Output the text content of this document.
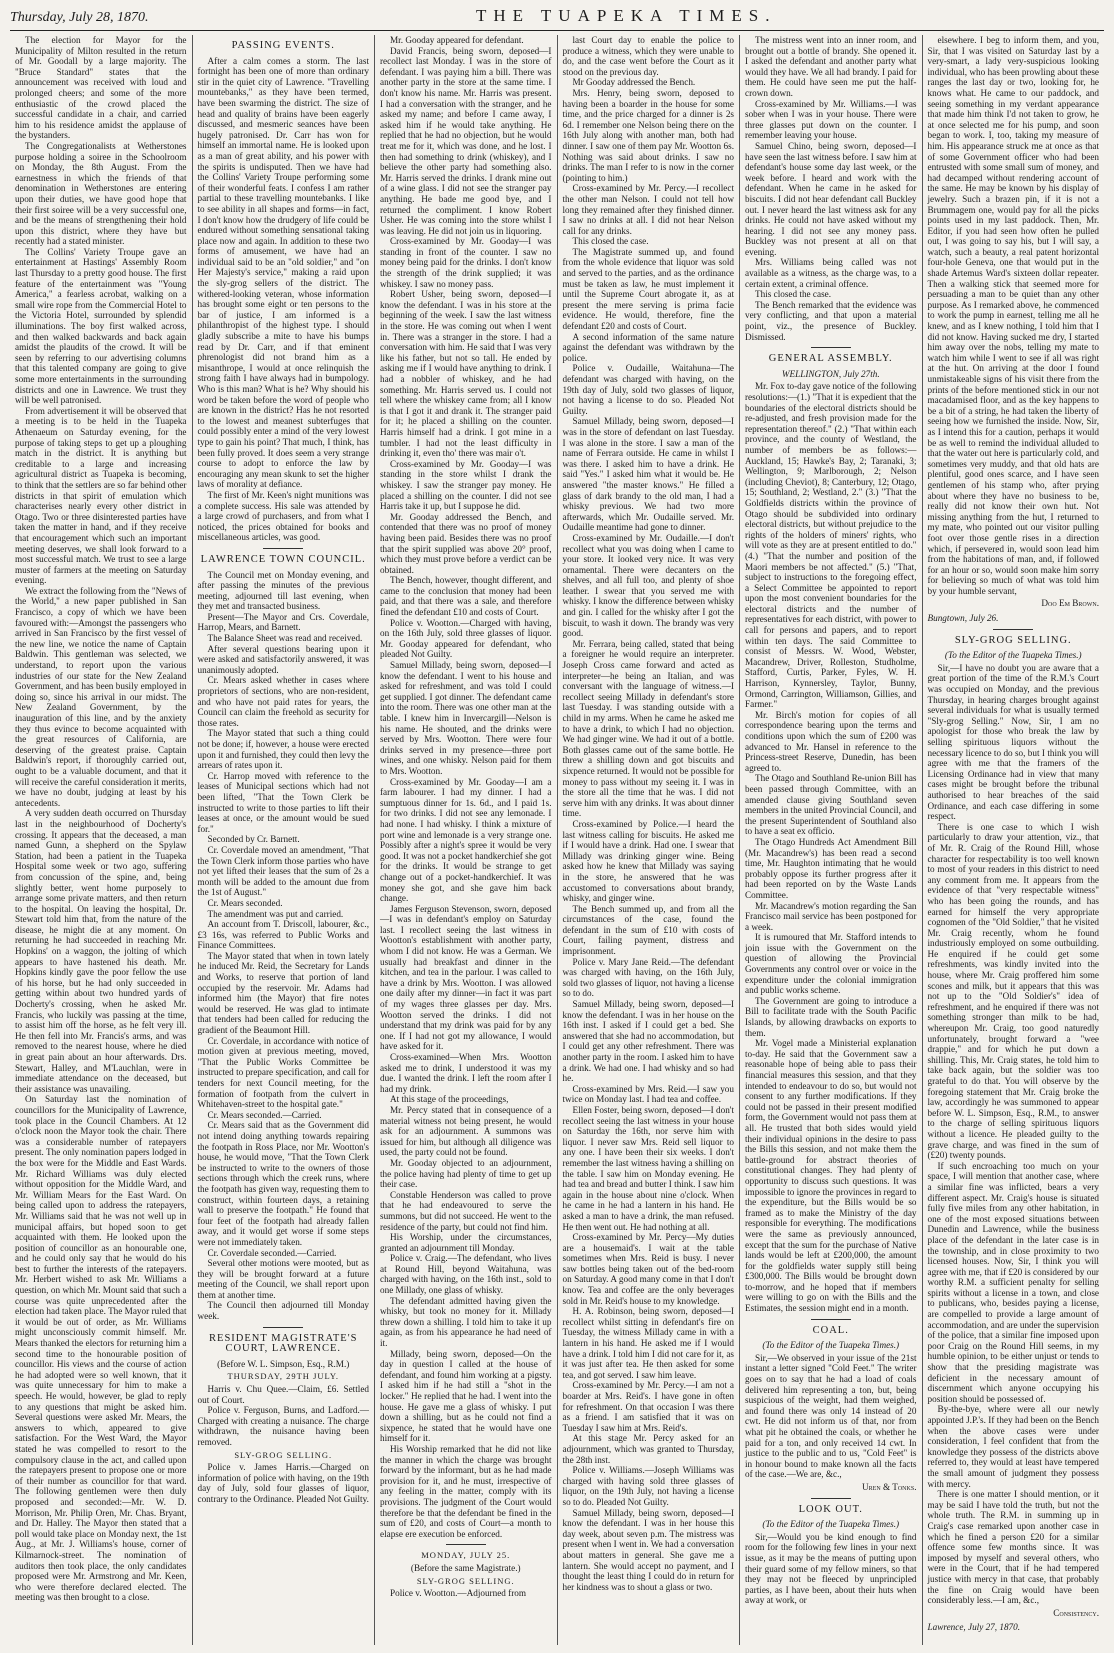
Thursday, July 28, 1870.	THE TUAPEKA TIMES.

The election for Mayor for the Municipality of Milton resulted in the return of Mr. Goodall by a large majority. The "Bruce Standard" states that the announcement was received with loud and prolonged cheers; and some of the more enthusiastic of the crowd placed the successful candidate in a chair, and carried him to his residence amidst the applause of the bystanders.

The Congregationalists at Wetherstones purpose holding a soiree in the Schoolroom on Monday, the 8th August. From the earnestness in which the friends of that denomination in Wetherstones are entering upon their duties, we have good hope that their first soiree will be a very successful one, and be the means of strengthening their hold upon this district, where they have but recently had a stated minister.

The Collins' Variety Troupe gave an entertainment at Hastings' Assembly Room last Thursday to a pretty good house. The first feature of the entertainment was "Young America," a fearless acrobat, walking on a small wire rope from the Commercial Hotel to the Victoria Hotel, surrounded by splendid illuminations. The boy first walked across, and then walked backwards and back again amidst the plaudits of the crowd. It will be seen by referring to our advertising columns that this talented company are going to give some more entertainments in the surrounding districts and one in Lawrence. We trust they will be well patronised.

From advertisement it will be observed that a meeting is to be held in the Tuapeka Athenaeum on Saturday evening, for the purpose of taking steps to get up a ploughing match in the district. It is anything but creditable to a large and increasing agricultural district as Tuapeka is becoming, to think that the settlers are so far behind other districts in that spirit of emulation which characterises nearly every other district in Otago. Two or three disinterested parties have taken the matter in hand, and if they receive that encouragement which such an important meeting deserves, we shall look forward to a most successful match. We trust to see a large muster of farmers at the meeting on Saturday evening.

We extract the following from the "News of the World," a new paper published in San Francisco, a copy of which we have been favoured with:—Amongst the passengers who arrived in San Francisco by the first vessel of the new line, we notice the name of Captain Baldwin. This gentleman was selected, we understand, to report upon the various industries of our state for the New Zealand Government, and has been busily employed in doing so, since his arrival in our midst. The New Zealand Government, by the inauguration of this line, and by the anxiety they thus evince to become acquainted with the great resources of California, are deserving of the greatest praise. Captain Baldwin's report, if thoroughly carried out, ought to be a valuable document, and that it will receive the careful consideration it merits, we have no doubt, judging at least by his antecedents.

A very sudden death occurred on Thursday last in the neighbourhood of Docherty's crossing. It appears that the deceased, a man named Gunn, a shepherd on the Spylaw Station, had been a patient in the Tuapeka Hospital some week or two ago, suffering from concussion of the spine, and, being slightly better, went home purposely to arrange some private matters, and then return to the hospital. On leaving the hospital, Dr. Stewart told him that, from the nature of the disease, he might die at any moment. On returning he had succeeded in reaching Mr. Hopkins' on a waggon, the jolting of which appears to have hastened his death. Mr. Hopkins kindly gave the poor fellow the use of his horse, but he had only succeeded in getting within about two hundred yards of Docherty's crossing, when he asked Mr. Francis, who luckily was passing at the time, to assist him off the horse, as he felt very ill. He then fell into Mr. Francis's arms, and was removed to the nearest house, where he died in great pain about an hour afterwards. Drs. Stewart, Halley, and M'Lauchlan, were in immediate attendance on the deceased, but their assistance was unavailing.

On Saturday last the nomination of councillors for the Municipality of Lawrence, took place in the Council Chambers. At 12 o'clock noon the Mayor took the chair. There was a considerable number of ratepayers present. The only nomination papers lodged in the box were for the Middle and East Wards. Mr. Richard Williams was duly elected without opposition for the Middle Ward, and Mr. William Mears for the East Ward. On being called upon to address the ratepayers, Mr. Williams said that he was not well up in municipal affairs, but hoped soon to get acquainted with them. He looked upon the position of councillor as an honourable one, and he could only say that he would do his best to further the interests of the ratepayers. Mr. Herbert wished to ask Mr. Williams a question, on which Mr. Mount said that such a course was quite unprecedented after the election had taken place. The Mayor ruled that it would be out of order, as Mr. Williams might unconsciously commit himself. Mr. Mears thanked the electors for returning him a second time to the honourable position of councillor. His views and the course of action he had adopted were so well known, that it was quite unnecessary for him to make a speech. He would, however, be glad to reply to any questions that might be asked him. Several questions were asked Mr. Mears, the answers to which, appeared to give satisfaction. For the West Ward, the Mayor stated he was compelled to resort to the compulsory clause in the act, and called upon the ratepayers present to propose one or more of their number as councillor for that ward. The following gentlemen were then duly proposed and seconded:—Mr. W. D. Morrison, Mr. Philip Oren, Mr. Chas. Bryant, and Dr. Halley. The Mayor then stated that a poll would take place on Monday next, the 1st Aug., at Mr. J. Williams's house, corner of Kilmarnock-street. The nomination of auditors then took place, the only candidates proposed were Mr. Armstrong and Mr. Keen, who were therefore declared elected. The meeting was then brought to a close.

PASSING EVENTS.

After a calm comes a storm. The last fortnight has been one of more than ordinary stir in the quiet city of Lawrence. "Travelling mountebanks," as they have been termed, have been swarming the district. The size of head and quality of brains have been eagerly discussed, and mesmeric seances have been hugely patronised. Dr. Carr has won for himself an immortal name. He is looked upon as a man of great ability, and his power with the spirits is undisputed. Then we have had the Collins' Variety Troupe performing some of their wonderful feats. I confess I am rather partial to these travelling mountebanks. I like to see ability in all shapes and forms—in fact, I don't know how the drudgery of life could be endured without something sensational taking place now and again. In addition to these two forms of amusement, we have had an individual said to be an "old soldier," and "on Her Majesty's service," making a raid upon the sly-grog sellers of the district. The withered-looking veteran, whose information has brought some eight or ten persons to the bar of justice, I am informed is a philanthropist of the highest type. I should gladly subscribe a mite to have his bumps read by Dr. Carr, and if that eminent phrenologist did not brand him as a misanthrope, I would at once relinquish the strong faith I have always had in bumpology. Who is this man? What is he? Why should his word be taken before the word of people who are known in the district? Has he not resorted to the lowest and meanest subterfuges that could possibly enter a mind of the very lowest type to gain his point? That much, I think, has been fully proved. It does seem a very strange course to adopt to enforce the law by encouraging any mean skunk to set the higher laws of morality at defiance.

The first of Mr. Keen's night munitions was a complete success. His sale was attended by a large crowd of purchasers, and from what I noticed, the prices obtained for books and miscellaneous articles, was good.

LAWRENCE TOWN COUNCIL.

The Council met on Monday evening, and after passing the minutes of the previous meeting, adjourned till last evening, when they met and transacted business.

Present—The Mayor and Crs. Coverdale, Harrop, Mears, and Barnett.

The Balance Sheet was read and received.

After several questions bearing upon it were asked and satisfactorily answered, it was unanimously adopted.

Cr. Mears asked whether in cases where proprietors of sections, who are non-resident, and who have not paid rates for years, the Council can claim the freehold as security for those rates.

The Mayor stated that such a thing could not be done; if, however, a house were erected upon it and furnished, they could then levy the arrears of rates upon it.

Cr. Harrop moved with reference to the leases of Municipal sections which had not been lifted, "That the Town Clerk be instructed to write to those parties to lift their leases at once, or the amount would be sued for."

Seconded by Cr. Barnett.

Cr. Coverdale moved an amendment, "That the Town Clerk inform those parties who have not yet lifted their leases that the sum of 2s a month will be added to the amount due from the 1st of August."

Cr. Mears seconded.

The amendment was put and carried.

An account from T. Driscoll, labourer, &c., £3 16s, was referred to Public Works and Finance Committees.

The Mayor stated that when in town lately he induced Mr. Reid, the Secretary for Lands and Works, to reserve that portion of land occupied by the reservoir. Mr. Adams had informed him (the Mayor) that fire notes would be reserved. He was glad to intimate that tenders had been called for reducing the gradient of the Beaumont Hill.

Cr. Coverdale, in accordance with notice of motion given at previous meeting, moved, "That the Public Works Committee be instructed to prepare specification, and call for tenders for next Council meeting, for the formation of footpath from the culvert in Whitehaven-street to the hospital gate."

Cr. Mears seconded.—Carried.

Cr. Mears said that as the Government did not intend doing anything towards repairing the footpath in Ross Place, nor Mr. Wootton's house, he would move, "That the Town Clerk be instructed to write to the owners of those sections through which the creek runs, where the footpath has given way, requesting them to construct, within fourteen days, a retaining wall to preserve the footpath." He found that four feet of the footpath had already fallen away, and it would get worse if some steps were not immediately taken.

Cr. Coverdale seconded.—Carried.

Several other motions were mooted, but as they will be brought forward at a future meeting of the Council, we shall report upon them at another time.

The Council then adjourned till Monday week.

RESIDENT MAGISTRATE'S COURT, LAWRENCE.
(Before W. L. Simpson, Esq., R.M.)
THURSDAY, 29TH JULY.

Harris v. Chu Quee.—Claim, £6. Settled out of Court.

Police v. Ferguson, Burns, and Ladford.—Charged with creating a nuisance. The charge withdrawn, the nuisance having been removed.

SLY-GROG SELLING.

Police v. James Harris.—Charged on information of police with having, on the 19th day of July, sold four glasses of liquor, contrary to the Ordinance. Pleaded Not Guilty.

Mr. Gooday appeared for defendant.

David Francis, being sworn, deposed—I recollect last Monday. I was in the store of defendant. I was paying him a bill. There was another party in the store at the same time. I don't know his name. Mr. Harris was present. I had a conversation with the stranger, and he asked my name; and before I came away, I asked him if he would take anything. He replied that he had no objection, but he would treat me for it, which was done, and he lost. I then had something to drink (whiskey), and I believe the other party had something also. Mr. Harris served the drinks. I drank mine out of a wine glass. I did not see the stranger pay anything. He bade me good bye, and I returned the compliment. I know Robert Usher. He was coming into the store whilst I was leaving. He did not join us in liquoring.

Cross-examined by Mr. Gooday—I was standing in front of the counter. I saw no money being paid for the drinks. I don't know the strength of the drink supplied; it was whiskey. I saw no money pass.

Robert Usher, being sworn, deposed—I know the defendant. I was in his store at the beginning of the week. I saw the last witness in the store. He was coming out when I went in. There was a stranger in the store. I had a conversation with him. He said that I was very like his father, but not so tall. He ended by asking me if I would have anything to drink. I had a nobbler of whiskey, and he had something. Mr. Harris served us. I could not tell where the whiskey came from; all I know is that I got it and drank it. The stranger paid for it; he placed a shilling on the counter. Harris himself had a drink. I got mine in a tumbler. I had not the least difficulty in drinking it, even tho' there was mair o't.

Cross-examined by Mr. Gooday—I was standing in the store whilst I drank the whiskey. I saw the stranger pay money. He placed a shilling on the counter. I did not see Harris take it up, but I suppose he did.

Mr. Gooday addressed the Bench, and contended that there was no proof of money having been paid. Besides there was no proof that the spirit supplied was above 20° proof, which they must prove before a verdict can be obtained.

The Bench, however, thought different, and came to the conclusion that money had been paid, and that there was a sale, and therefore fined the defendant £10 and costs of Court.

Police v. Wootton.—Charged with having, on the 16th July, sold three glasses of liquor. Mr. Gooday appeared for defendant, who pleaded Not Guilty.

Samuel Millady, being sworn, deposed—I know the defendant. I went to his house and asked for refreshment, and was told I could get supplied. I got dinner. The defendant came into the room. There was one other man at the table. I knew him in Invercargill—Nelson is his name. He shouted, and the drinks were served by Mrs. Wootton. There were four drinks served in my presence—three port wines, and one whisky. Nelson paid for them to Mrs. Wootton.

Cross-examined by Mr. Gooday—I am a farm labourer. I had my dinner. I had a sumptuous dinner for 1s. 6d., and I paid 1s. for two drinks. I did not see any lemonade. I had none. I had whisky. I think a mixture of port wine and lemonade is a very strange one. Possibly after a night's spree it would be very good. It was not a pocket handkerchief she got for the drinks. It would be strange to get change out of a pocket-handkerchief. It was money she got, and she gave him back change.

James Ferguson Stevenson, sworn, deposed—I was in defendant's employ on Saturday last. I recollect seeing the last witness in Wootton's establishment with another party, whom I did not know. He was a German. We usually had breakfast and dinner in the kitchen, and tea in the parlour. I was called to have a drink by Mrs. Wootton. I was allowed one daily after my dinner—in fact it was part of my wages three glasses per day. Mrs. Wootton served the drinks. I did not understand that my drink was paid for by any one. If I had not got my allowance, I would have asked for it.

Cross-examined—When Mrs. Wootton asked me to drink, I understood it was my due. I wanted the drink. I left the room after I had my drink.

At this stage of the proceedings,

Mr. Percy stated that in consequence of a material witness not being present, he would ask for an adjournment. A summons was issued for him, but although all diligence was used, the party could not be found.

Mr. Gooday objected to an adjournment, the police having had plenty of time to get up their case.

Constable Henderson was called to prove that he had endeavoured to serve the summons, but did not succeed. He went to the residence of the party, but could not find him.

His Worship, under the circumstances, granted an adjournment till Monday.

Police v. Craig.—The defendant, who lives at Round Hill, beyond Waitahuna, was charged with having, on the 16th inst., sold to one Millady, one glass of whisky.

The defendant admitted having given the whisky, but took no money for it. Millady threw down a shilling. I told him to take it up again, as from his appearance he had need of it.

Millady, being sworn, deposed—On the day in question I called at the house of defendant, and found him working at a pigsty. I asked him if he had still a "shot in the locker." He replied that he had. I went into the house. He gave me a glass of whisky. I put down a shilling, but as he could not find a sixpence, he stated that he would have one himself for it.

His Worship remarked that he did not like the manner in which the charge was brought forward by the informant, but as he had made provision for it, and he must, irrespective of any feeling in the matter, comply with its provisions. The judgment of the Court would therefore be that the defendant be fined in the sum of £20, and costs of Court—a month to elapse ere execution be enforced.

MONDAY, JULY 25.
(Before the same Magistrate.)
SLY-GROG SELLING.

Police v. Wootton.—Adjourned from

last Court day to enable the police to produce a witness, which they were unable to do, and the case went before the Court as it stood on the previous day.

Mr Gooday addressed the Bench.

Mrs. Henry, being sworn, deposed to having been a boarder in the house for some time, and the price charged for a dinner is 2s 6d. I remember one Nelson being there on the 16th July along with another man, both had dinner. I saw one of them pay Mr. Wootton 6s. Nothing was said about drinks. I saw no drinks. The man I refer to is now in the corner (pointing to him.)

Cross-examined by Mr. Percy.—I recollect the other man Nelson. I could not tell how long they remained after they finished dinner. I saw no drinks at all. I did not hear Nelson call for any drinks.

This closed the case.

The Magistrate summed up, and found from the whole evidence that liquor was sold and served to the parties, and as the ordinance must be taken as law, he must implement it until the Supreme Court abrogate it, as at present the mere serving is prima facie evidence. He would, therefore, fine the defendant £20 and costs of Court.

A second information of the same nature against the defendant was withdrawn by the police.

Police v. Oudaille, Waitahuna—The defendant was charged with having, on the 19th day of July, sold two glasses of liquor, not having a license to do so. Pleaded Not Guilty.

Samuel Millady, being sworn, deposed—I was in the store of defendant on last Tuesday. I was alone in the store. I saw a man of the name of Ferrara outside. He came in whilst I was there. I asked him to have a drink. He said "Yes." I asked him what it would be. He answered "the master knows." He filled a glass of dark brandy to the old man, I had a whisky previous. We had two more afterwards, which Mr. Oudaille served. Mr. Oudaille meantime had gone to dinner.

Cross-examined by Mr. Oudaille.—I don't recollect what you was doing when I came to your store. It looked very nice. It was very ornamental. There were decanters on the shelves, and all full too, and plenty of shoe leather. I swear that you served me with whisky. I know the difference between whisky and gin. I called for the whisky after I got the biscuit, to wash it down. The brandy was very good.

Mr. Ferrara, being called, stated that being a foreigner he would require an interpreter. Joseph Cross came forward and acted as interpreter—he being an Italian, and was conversant with the language of witness.—I recollect seeing Millady in defendant's store last Tuesday. I was standing outside with a child in my arms. When he came he asked me to have a drink, to which I had no objection. We had ginger wine. We had it out of a bottle. Both glasses came out of the same bottle. He threw a shilling down and got biscuits and sixpence returned. It would not be possible for money to pass without my seeing it. I was in the store all the time that he was. I did not serve him with any drinks. It was about dinner time.

Cross-examined by Police.—I heard the last witness calling for biscuits. He asked me if I would have a drink. Had one. I swear that Millady was drinking ginger wine. Being asked how he knew that Millady was saying in the store, he answered that he was accustomed to conversations about brandy, whisky, and ginger wine.

The Bench summed up, and from all the circumstances of the case, found the defendant in the sum of £10 with costs of Court, failing payment, distress and imprisonment.

Police v. Mary Jane Reid.—The defendant was charged with having, on the 16th July, sold two glasses of liquor, not having a license so to do.

Samuel Millady, being sworn, deposed—I know the defendant. I was in her house on the 16th inst. I asked if I could get a bed. She answered that she had no accommodation, but I could get any other refreshment. There was another party in the room. I asked him to have a drink. We had one. I had whisky and so had he.

Cross-examined by Mrs. Reid.—I saw you twice on Monday last. I had tea and coffee.

Ellen Foster, being sworn, deposed—I don't recollect seeing the last witness in your house on Saturday the 16th, nor serve him with liquor. I never saw Mrs. Reid sell liquor to any one. I have been their six weeks. I don't remember the last witness having a shilling on the table. I saw him on Monday evening. He had tea and bread and butter I think. I saw him again in the house about nine o'clock. When he came in he had a lantern in his hand. He asked a man to have a drink, the man refused. He then went out. He had nothing at all.

Cross-examined by Mr. Percy—My duties are a housemaid's. I wait at the table sometimes when Mrs. Reid is busy. I never saw bottles being taken out of the bed-room on Saturday. A good many come in that I don't know. Tea and coffee are the only beverages sold in Mr. Reid's house to my knowledge.

H. A. Robinson, being sworn, deposed—I recollect whilst sitting in defendant's fire on Tuesday, the witness Millady came in with a lantern in his hand. He asked me if I would have a drink. I told him I did not care for it, as it was just after tea. He then asked for some tea, and got served. I saw him leave.

Cross-examined by Mr. Percy.—I am not a boarder at Mrs. Reid's. I have gone in often for refreshment. On that occasion I was there as a friend. I am satisfied that it was on Tuesday I saw him at Mrs. Reid's.

At this stage Mr. Percy asked for an adjournment, which was granted to Thursday, the 28th inst.

Police v. Williams.—Joseph Williams was charged with having sold three glasses of liquor, on the 19th July, not having a license so to do. Pleaded Not Guilty.

Samuel Millady, being sworn, deposed—I know the defendant. I was in her house this day week, about seven p.m. The mistress was present when I went in. We had a conversation about matters in general. She gave me a lantern. She would accept no payment, and I thought the least thing I could do in return for her kindness was to shout a glass or two.

The mistress went into an inner room, and brought out a bottle of brandy. She opened it. I asked the defendant and another party what would they have. We all had brandy. I paid for them. He could have seen me put the half-crown down.

Cross-examined by Mr. Williams.—I was sober when I was in your house. There were three glasses put down on the counter. I remember leaving your house.

Samuel Chino, being sworn, deposed—I have seen the last witness before. I saw him at defendant's house some day last week, or the week before. I heard and work with the defendant. When he came in he asked for biscuits. I did not hear defendant call Buckley out. I never heard the last witness ask for any drinks. He could not have asked without my hearing. I did not see any money pass. Buckley was not present at all on that evening.

Mrs. Williams being called was not available as a witness, as the charge was, to a certain extent, a criminal offence.

This closed the case.

The Bench remarked that the evidence was very conflicting, and that upon a material point, viz., the presence of Buckley. Dismissed.

GENERAL ASSEMBLY.
WELLINGTON, July 27th.

Mr. Fox to-day gave notice of the following resolutions:—(1.) "That it is expedient that the boundaries of the electoral districts should be re-adjusted, and fresh provision made for the representation thereof." (2.) "That within each province, and the county of Westland, the number of members be as follows:—Auckland, 15; Hawke's Bay, 2; Taranaki, 3; Wellington, 9; Marlborough, 2; Nelson (including Cheviot), 8; Canterbury, 12; Otago, 15; Southland, 2; Westland, 2." (3.) "That the Goldfields districts within the province of Otago should be subdivided into ordinary electoral districts, but without prejudice to the rights of the holders of miners' rights, who will vote as they are at present entitled to do." (4.) "That the number and position of the Maori members be not affected." (5.) "That, subject to instructions to the foregoing effect, a Select Committee be appointed to report upon the most convenient boundaries for the electoral districts and the number of representatives for each district, with power to call for persons and papers, and to report within ten days. The said Committee to consist of Messrs. W. Wood, Webster, Macandrew, Driver, Rolleston, Studholme, Stafford, Curtis, Parker, Fyles, W. H. Harrison, Kynnersley, Taylor, Bunny, Ormond, Carrington, Williamson, Gillies, and Farmer."

Mr. Birch's motion for copies of all correspondence bearing upon the terms and conditions upon which the sum of £200 was advanced to Mr. Hansel in reference to the Princess-street Reserve, Dunedin, has been agreed to.

The Otago and Southland Re-union Bill has been passed through Committee, with an amended clause giving Southland seven members in the united Provincial Council, and the present Superintendent of Southland also to have a seat ex officio.

The Otago Hundreds Act Amendment Bill (Mr. Macandrew's) has been read a second time, Mr. Haughton intimating that he would probably oppose its further progress after it had been reported on by the Waste Lands Committee.

Mr. Macandrew's motion regarding the San Francisco mail service has been postponed for a week.

It is rumoured that Mr. Stafford intends to join issue with the Government on the question of allowing the Provincial Governments any control over or voice in the expenditure under the colonial immigration and public works scheme.

The Government are going to introduce a Bill to facilitate trade with the South Pacific Islands, by allowing drawbacks on exports to them.

Mr. Vogel made a Ministerial explanation to-day. He said that the Government saw a reasonable hope of being able to pass their financial measures this session, and that they intended to endeavour to do so, but would not consent to any further modifications. If they could not be passed in their present modified form, the Government would not pass them at all. He trusted that both sides would yield their individual opinions in the desire to pass the Bills this session, and not make them the battle-ground for abstract theories of constitutional changes. They had plenty of opportunity to discuss such questions. It was impossible to ignore the provinces in regard to the expenditure, but the Bills would be so framed as to make the Ministry of the day responsible for everything. The modifications were the same as previously announced, except that the sum for the purchase of Native lands would be left at £200,000, the amount for the goldfields water supply still being £300,000. The Bills would be brought down to-morrow, and he hoped that if members were willing to go on with the Bills and the Estimates, the session might end in a month.

COAL.
(To the Editor of the Tuapeka Times.)

Sir,—We observed in your issue of the 21st instant a letter signed "Cold Feet." The writer goes on to say that he had a load of coals delivered him representing a ton, but, being suspicious of the weight, had them weighed, and found there was only 14 instead of 20 cwt. He did not inform us of that, nor from what pit he obtained the coals, or whether he paid for a ton, and only received 14 cwt. In justice to the public and to us, "Cold Feet" is in honour bound to make known all the facts of the case.—We are, &c.,

Uren & Tonks.
LOOK OUT.
(To the Editor of the Tuapeka Times.)

Sir,—Would you be kind enough to find room for the following few lines in your next issue, as it may be the means of putting upon their guard some of my fellow miners, so that they may not be fleeced by unprincipled parties, as I have been, about their huts when away at work, or

elsewhere. I beg to inform them, and you, Sir, that I was visited on Saturday last by a very-smart, a lady very-suspicious looking individual, who has been prowling about these ranges the last day or two, looking for, he knows what. He came to our paddock, and seeing something in my verdant appearance that made him think I'd not taken to grow, he at once selected me for his pump, and soon began to work. I, too, taking my measure of him. His appearance struck me at once as that of some Government officer who had been entrusted with some small sum of money, and had decamped without rendering account of the same. He may be known by his display of jewelry. Such a brazen pin, if it is not a Brummagem one, would pay for all the picks points used in my last paddock. Then, Mr. Editor, if you had seen how often he pulled out, I was going to say his, but I will say, a watch, such a beauty, a real patent horizontal four-hole Geneva, one that would put in the shade Artemus Ward's sixteen dollar repeater. Then a walking stick that seemed more for persuading a man to be quiet than any other purpose. As I remarked above, he commenced to work the pump in earnest, telling me all he knew, and as I knew nothing, I told him that I did not know. Having sucked me dry, I started him away over the nobs, telling my mate to watch him while I went to see if all was right at the hut. On arriving at the door I found unmistakeable signs of his visit there from the prints of the before mentioned stick in our not macadamised floor, and as the key happens to be a bit of a string, he had taken the liberty of seeing how we furnished the inside. Now, Sir, as I intend this for a caution, perhaps it would be as well to remind the individual alluded to that the water out here is particularly cold, and sometimes very muddy, and that old hats are plentiful, good ones scarce, and I have seen gentlemen of his stamp who, after prying about where they have no business to be, really did not know their own hut. Not missing anything from the hut, I returned to my mate, who pointed out our visitor pulling foot over those gentle rises in a direction which, if persevered in, would soon lead him from the habitations of man, and, if followed for an hour or so, would soon make him sorry for believing so much of what was told him by your humble servant,

Doo Em Brown.
Bungtown, July 26.
SLY-GROG SELLING.
(To the Editor of the Tuapeka Times.)

Sir,—I have no doubt you are aware that a great portion of the time of the R.M.'s Court was occupied on Monday, and the previous Thursday, in hearing charges brought against several individuals for what is usually termed "Sly-grog Selling." Now, Sir, I am no apologist for those who break the law by selling spirituous liquors without the necessary licence to do so, but I think you will agree with me that the framers of the Licensing Ordinance had in view that many cases might be brought before the tribunal authorised to hear breaches of the said Ordinance, and each case differing in some respect.

There is one case to which I wish particularly to draw your attention, viz., that of Mr. R. Craig of the Round Hill, whose character for respectability is too well known to most of your readers in this district to need any comment from me. It appears from the evidence of that "very respectable witness" who has been going the rounds, and has earned for himself the very appropriate cognomen of the "Old Soldier," that he visited Mr. Craig recently, whom he found industriously employed on some outbuilding. He enquired if he could get some refreshments, was kindly invited into the house, where Mr. Craig proffered him some scones and milk, but it appears that this was not up to the "Old Soldier's" idea of refreshment, and he enquired if there was not something stronger than milk to be had, whereupon Mr. Craig, too good naturedly unfortunately, brought forward a "wee drappie," and for which he put down a shilling. This, Mr. Craig states, he told him to take back again, but the soldier was too grateful to do that. You will observe by the foregoing statement that Mr. Craig broke the law, accordingly he was summoned to appear before W. L. Simpson, Esq., R.M., to answer to the charge of selling spirituous liquors without a licence. He pleaded guilty to the grave charge, and was fined in the sum of (£20) twenty pounds.

If such encroaching too much on your space, I will mention that another case, where a similar fine was inflicted, bears a very different aspect. Mr. Craig's house is situated fully five miles from any other habitation, in one of the most exposed situations between Dunedin and Lawrence, while the business place of the defendant in the later case is in the township, and in close proximity to two licensed houses. Now, Sir, I think you will agree with me, that if £20 is considered by our worthy R.M. a sufficient penalty for selling spirits without a license in a town, and close to publicans, who, besides paying a license, are compelled to provide a large amount of accommodation, and are under the supervision of the police, that a similar fine imposed upon poor Craig on the Round Hill seems, in my humble opinion, to be either unjust or tends to show that the presiding magistrate was deficient in the necessary amount of discernment which anyone occupying his position should be possessed of.

By-the-bye, where were all our newly appointed J.P.'s. If they had been on the Bench when the above cases were under consideration, I feel confident that from the knowledge they possess of the districts above referred to, they would at least have tempered the small amount of judgment they possess with mercy.

There is one matter I should mention, or it may be said I have told the truth, but not the whole truth. The R.M. in summing up in Craig's case remarked upon another case in which he fined a person £20 for a similar offence some few months since. It was imposed by myself and several others, who were in the Court, that if he had tempered justice with mercy in that case, that probably the fine on Craig would have been considerably less.—I am, &c.,

Consistency.
Lawrence, July 27, 1870.
